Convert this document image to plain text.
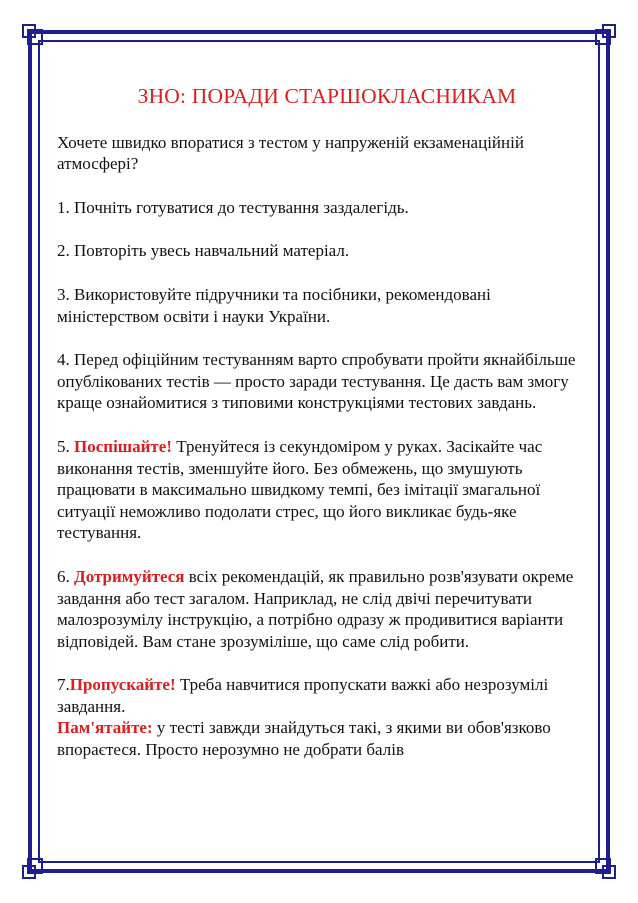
ЗНО: ПОРАДИ СТАРШОКЛАСНИКАМ

Хочете швидко впоратися з тестом у напруженій екзаменаційній атмосфері?

1. Почніть готуватися до тестування заздалегідь.

2. Повторіть увесь навчальний матеріал.

3. Використовуйте підручники та посібники, рекомендовані міністерством освіти і науки України.

4. Перед офіційним тестуванням варто спробувати пройти якнайбільше опублікованих тестів — просто заради тестування. Це дасть вам змогу краще ознайомитися з типовими конструкціями тестових завдань.

5. Поспішайте! Тренуйтеся із секундоміром у руках. Засікайте час виконання тестів, зменшуйте його. Без обмежень, що змушують працювати в максимально швидкому темпі, без імітації змагальної ситуації неможливо подолати стрес, що його викликає будь-яке тестування.

6. Дотримуйтеся всіх рекомендацій, як правильно розв'язувати окреме завдання або тест загалом. Наприклад, не слід двічі перечитувати малозрозумілу інструкцію, а потрібно одразу ж продивитися варіанти відповідей. Вам стане зрозуміліше, що саме слід робити.

7.Пропускайте! Треба навчитися пропускати важкі або незрозумілі завдання.

Пам'ятайте: у тесті завжди знайдуться такі, з якими ви обов'язково впораєтеся. Просто нерозумно не добрати балів
